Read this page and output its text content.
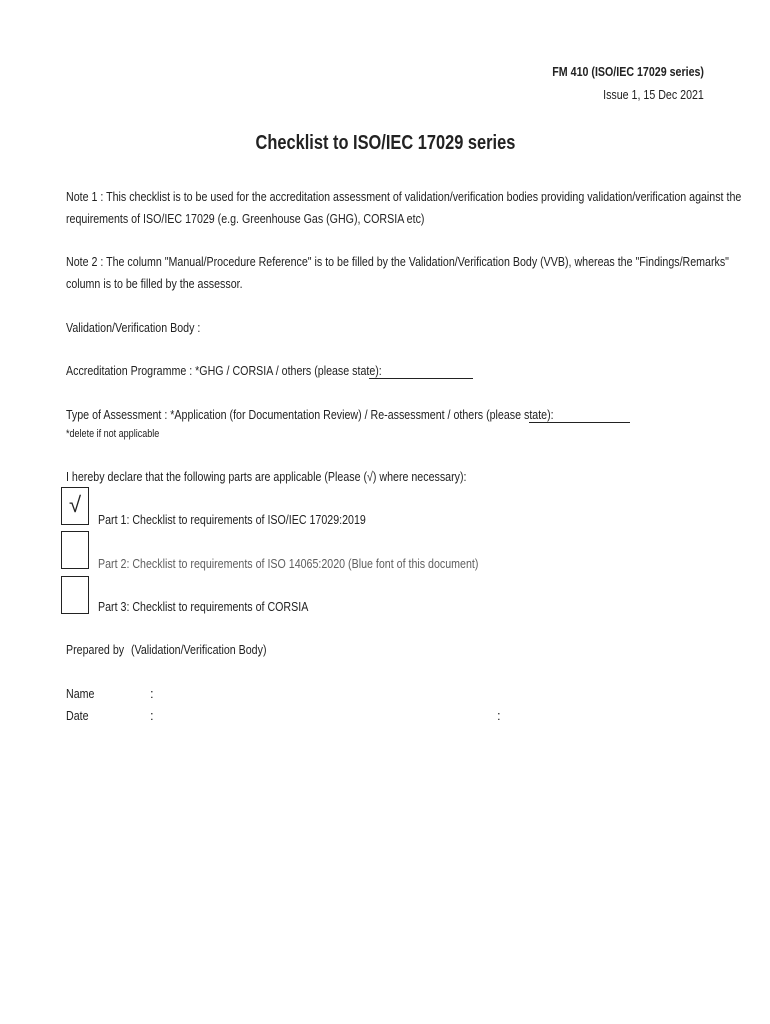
FM 410 (ISO/IEC 17029 series)
Issue 1, 15 Dec 2021
Checklist to ISO/IEC 17029 series
Note 1 : This checklist is to be used for the accreditation assessment of validation/verification bodies providing validation/verification against the
requirements of ISO/IEC 17029 (e.g. Greenhouse Gas (GHG), CORSIA etc)
Note 2 : The column "Manual/Procedure Reference" is to be filled by the Validation/Verification Body (VVB), whereas the "Findings/Remarks"
column is to be filled by the assessor.
Validation/Verification Body :
Accreditation Programme : *GHG / CORSIA / others (please state):
Type of Assessment : *Application (for Documentation Review) / Re-assessment / others (please state):
*delete if not applicable
I hereby declare that the following parts are applicable (Please (√) where necessary):
√
Part 1: Checklist to requirements of ISO/IEC 17029:2019
Part 2: Checklist to requirements of ISO 14065:2020 (Blue font of this document)
Part 3: Checklist to requirements of CORSIA
Prepared by (Validation/Verification Body)
Name	:
Date	:	:
